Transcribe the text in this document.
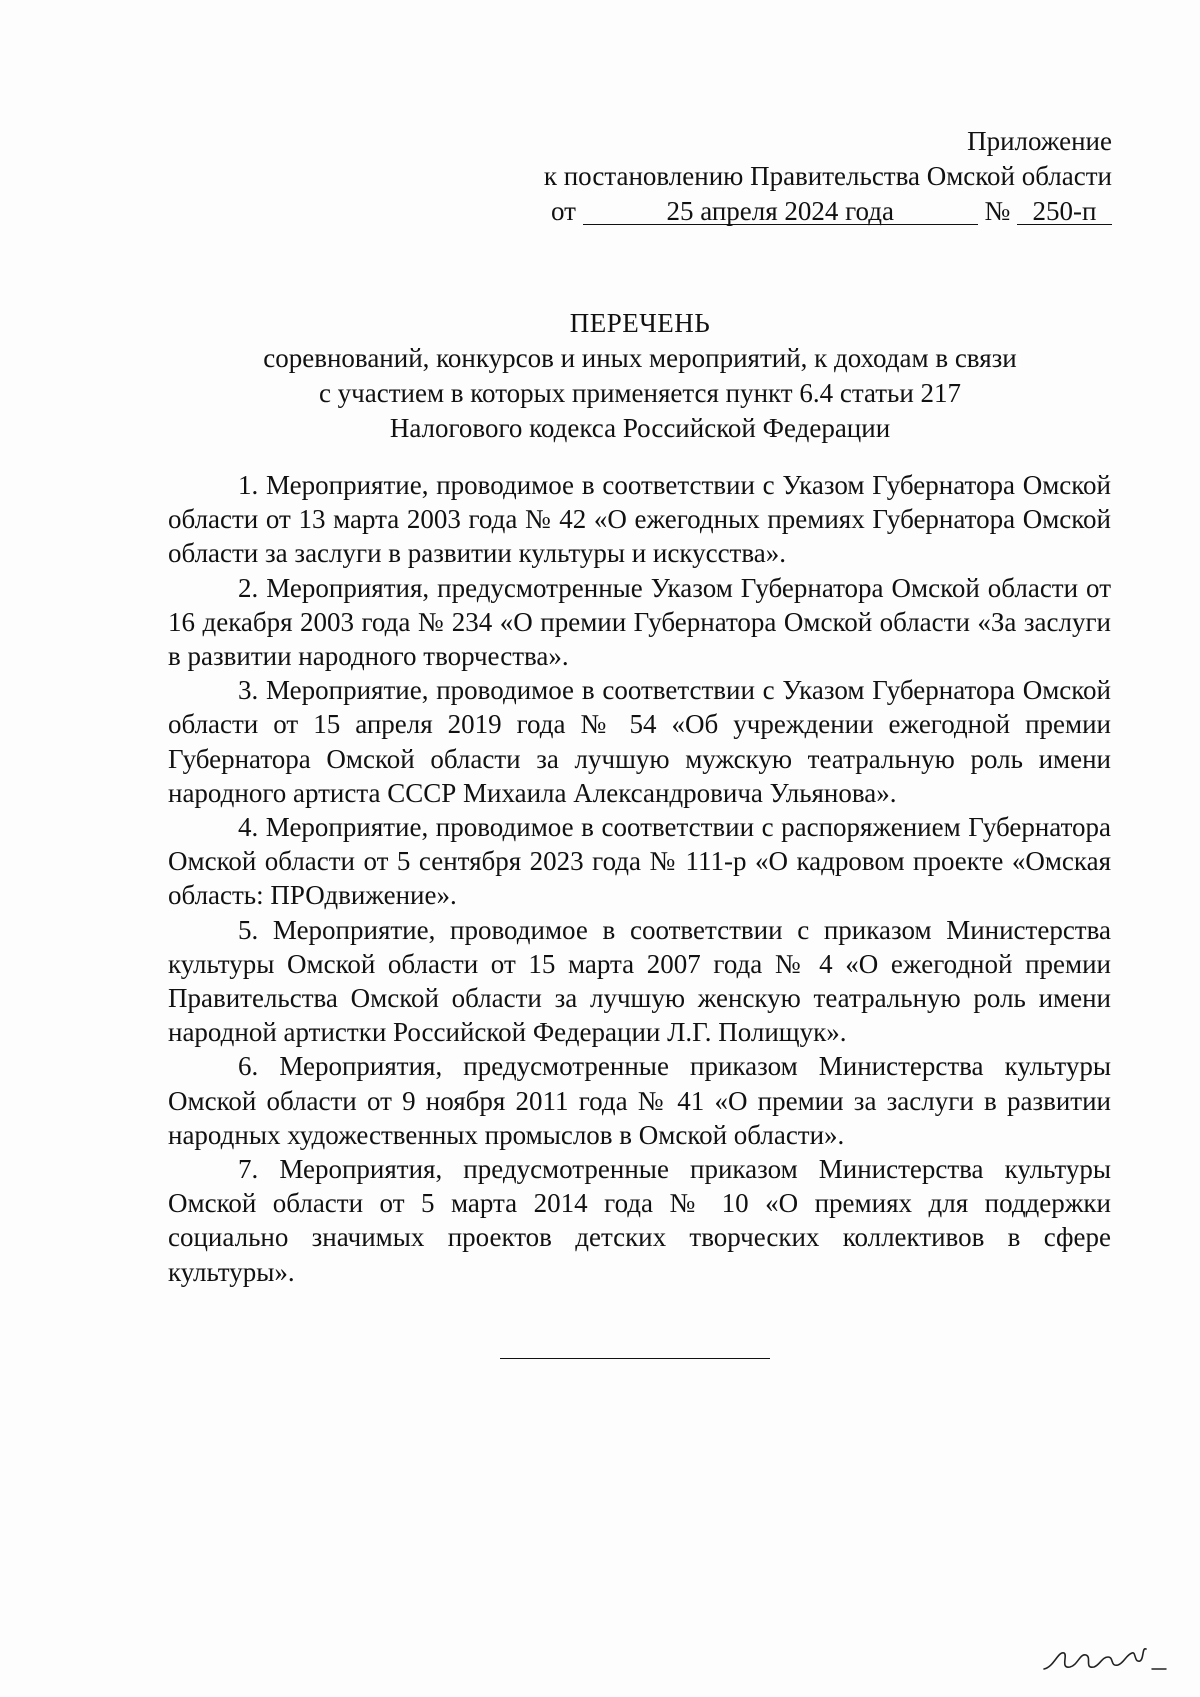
Приложение
к постановлению Правительства Омской области
от	25 апреля 2024 года	№ 250-п
ПЕРЕЧЕНЬ
соревнований, конкурсов и иных мероприятий, к доходам в связи
с участием в которых применяется пункт 6.4 статьи 217
Налогового кодекса Российской Федерации

1. Мероприятие, проводимое в соответствии с Указом Губернатора Омской области от 13 марта 2003 года № 42 «О ежегодных премиях Губернатора Омской области за заслуги в развитии культуры и искусства».

2. Мероприятия, предусмотренные Указом Губернатора Омской области от 16 декабря 2003 года № 234 «О премии Губернатора Омской области «За заслуги в развитии народного творчества».

3. Мероприятие, проводимое в соответствии с Указом Губернатора Омской области от 15 апреля 2019 года № 54 «Об учреждении ежегодной премии Губернатора Омской области за лучшую мужскую театральную роль имени народного артиста СССР Михаила Александровича Ульянова».

4. Мероприятие, проводимое в соответствии с распоряжением Губернатора Омской области от 5 сентября 2023 года № 111-р «О кадровом проекте «Омская область: ПРОдвижение».

5. Мероприятие, проводимое в соответствии с приказом Министерства культуры Омской области от 15 марта 2007 года № 4 «О ежегодной премии Правительства Омской области за лучшую женскую театральную роль имени народной артистки Российской Федерации Л.Г. Полищук».

6. Мероприятия, предусмотренные приказом Министерства культуры Омской области от 9 ноября 2011 года № 41 «О премии за заслуги в развитии народных художественных промыслов в Омской области».

7. Мероприятия, предусмотренные приказом Министерства культуры Омской области от 5 марта 2014 года № 10 «О премиях для поддержки социально значимых проектов детских творческих коллективов в сфере культуры».
